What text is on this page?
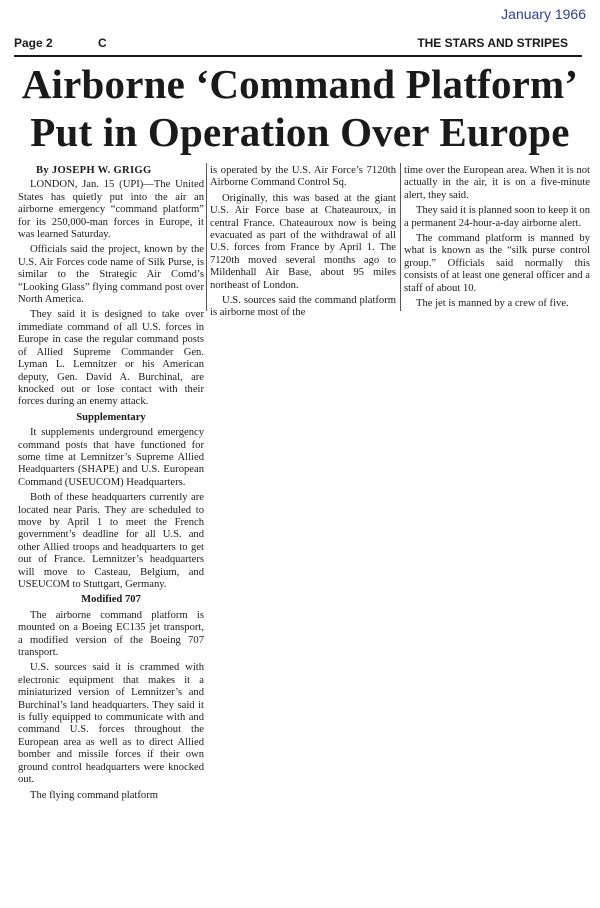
January 1966
Page 2	C	THE STARS AND STRIPES
Airborne ‘Command Platform’
Put in Operation Over Europe
By JOSEPH W. GRIGG

LONDON, Jan. 15 (UPI)—The United States has quietly put into the air an airborne emergency “command platform” for its 250,000-man forces in Europe, it was learned Saturday.

Officials said the project, known by the U.S. Air Forces code name of Silk Purse, is similar to the Strategic Air Comd’s “Looking Glass” flying command post over North America.

They said it is designed to take over immediate command of all U.S. forces in Europe in case the regular command posts of Allied Supreme Commander Gen. Lyman L. Lemnitzer or his American deputy, Gen. David A. Burchinal, are knocked out or lose contact with their forces during an enemy attack.

Supplementary

It supplements underground emergency command posts that have functioned for some time at Lemnitzer’s Supreme Allied Headquarters (SHAPE) and U.S. European Command (USEUCOM) Headquarters.

Both of these headquarters currently are located near Paris. They are scheduled to move by April 1 to meet the French government’s deadline for all U.S. and other Allied troops and headquarters to get out of France. Lemnitzer’s headquarters will move to Casteau, Belgium, and USEUCOM to Stuttgart, Germany.

Modified 707

The airborne command platform is mounted on a Boeing EC135 jet transport, a modified version of the Boeing 707 transport.

U.S. sources said it is crammed with electronic equipment that makes it a miniaturized version of Lemnitzer’s and Burchinal’s land headquarters. They said it is fully equipped to communicate with and command U.S. forces throughout the European area as well as to direct Allied bomber and missile forces if their own ground control headquarters were knocked out.

The flying command platform

is operated by the U.S. Air Force’s 7120th Airborne Command Control Sq.

Originally, this was based at the giant U.S. Air Force base at Chateauroux, in central France. Chateauroux now is being evacuated as part of the withdrawal of all U.S. forces from France by April 1. The 7120th moved several months ago to Mildenhall Air Base, about 95 miles northeast of London.

U.S. sources said the command platform is airborne most of the

time over the European area. When it is not actually in the air, it is on a five-minute alert, they said.

They said it is planned soon to keep it on a permanent 24-hour-a-day airborne alert.

The command platform is manned by what is known as the “silk purse control group.” Officials said normally this consists of at least one general officer and a staff of about 10.

The jet is manned by a crew of five.
